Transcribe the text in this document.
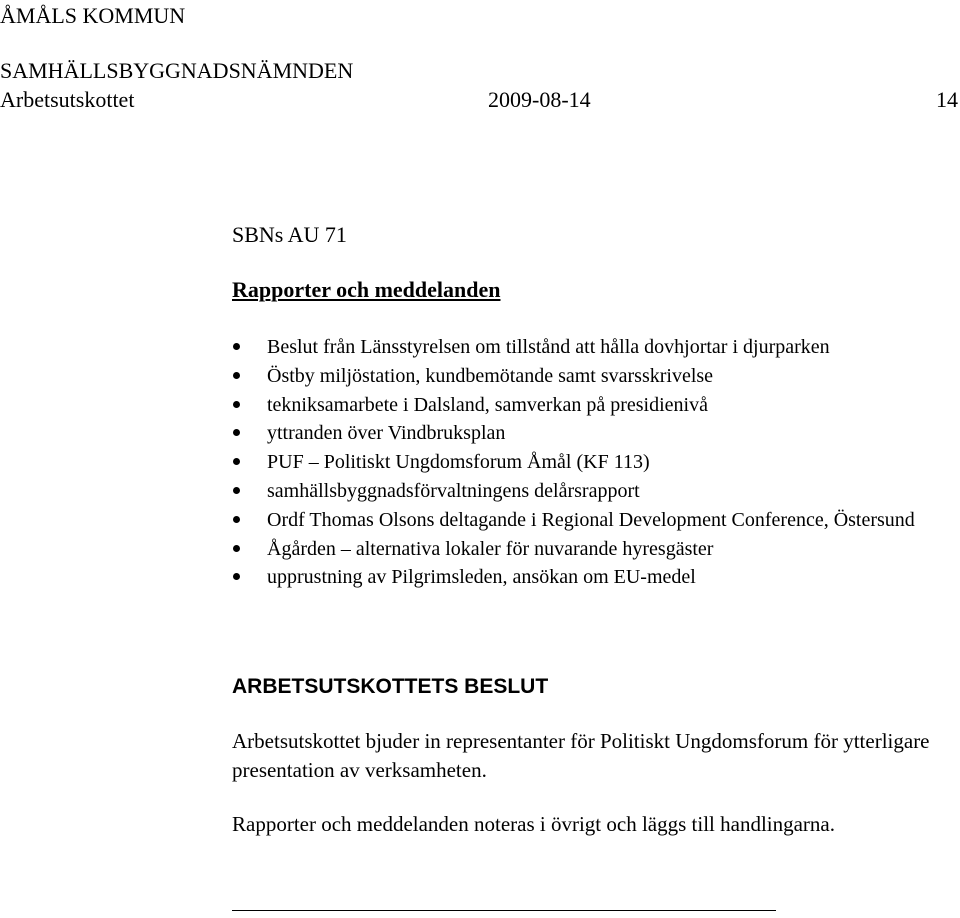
ÅMÅLS KOMMUN
SAMHÄLLSBYGGNADSNÄMNDEN
Arbetsutskottet	2009-08-14	14
SBNs AU 71
Rapporter och meddelanden
Beslut från Länsstyrelsen om tillstånd att hålla dovhjortar i djurparken
Östby miljöstation, kundbemötande samt svarsskrivelse
tekniksamarbete i Dalsland, samverkan på presidienivå
yttranden över Vindbruksplan
PUF – Politiskt Ungdomsforum Åmål (KF 113)
samhällsbyggnadsförvaltningens delårsrapport
Ordf Thomas Olsons deltagande i Regional Development Conference, Östersund
Ågården – alternativa lokaler för nuvarande hyresgäster
upprustning av Pilgrimsleden, ansökan om EU-medel
ARBETSUTSKOTTETS BESLUT
Arbetsutskottet bjuder in representanter för Politiskt Ungdomsforum för ytterligare presentation av verksamheten.
Rapporter och meddelanden noteras i övrigt och läggs till handlingarna.
